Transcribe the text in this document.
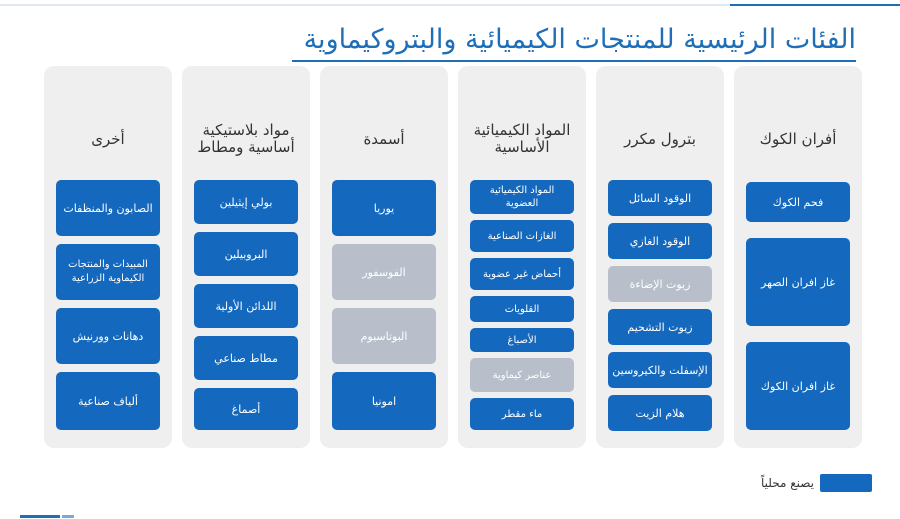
الفئات الرئيسية للمنتجات الكيميائية والبتروكيماوية
أفران الكوك
فحم الكوك
غاز افران الصهر
غاز افران الكوك
بترول مكرر
الوقود السائل
الوقود الغازي
زيوت الإضاءة
زيوت التشحيم
الإسفلت والكيروسين
هلام الزيت
المواد الكيميائية الأساسية
المواد الكيميائية العضوية
الغازات الصناعية
أحماض غير عضوية
القلويات
الأصباغ
عناصر كيماوية
ماء مقطر
أسمدة
يوريا
الفوسفور
البوتاسيوم
امونيا
مواد بلاستيكية أساسية ومطاط
بولي إيثيلين
البروبيلين
اللدائن الأولية
مطاط صناعي
أصماغ
أخرى
الصابون والمنظفات
المبيدات والمنتجات الكيماوية الزراعية
دهانات وورنيش
ألياف صناعية
يصنع محلياً
